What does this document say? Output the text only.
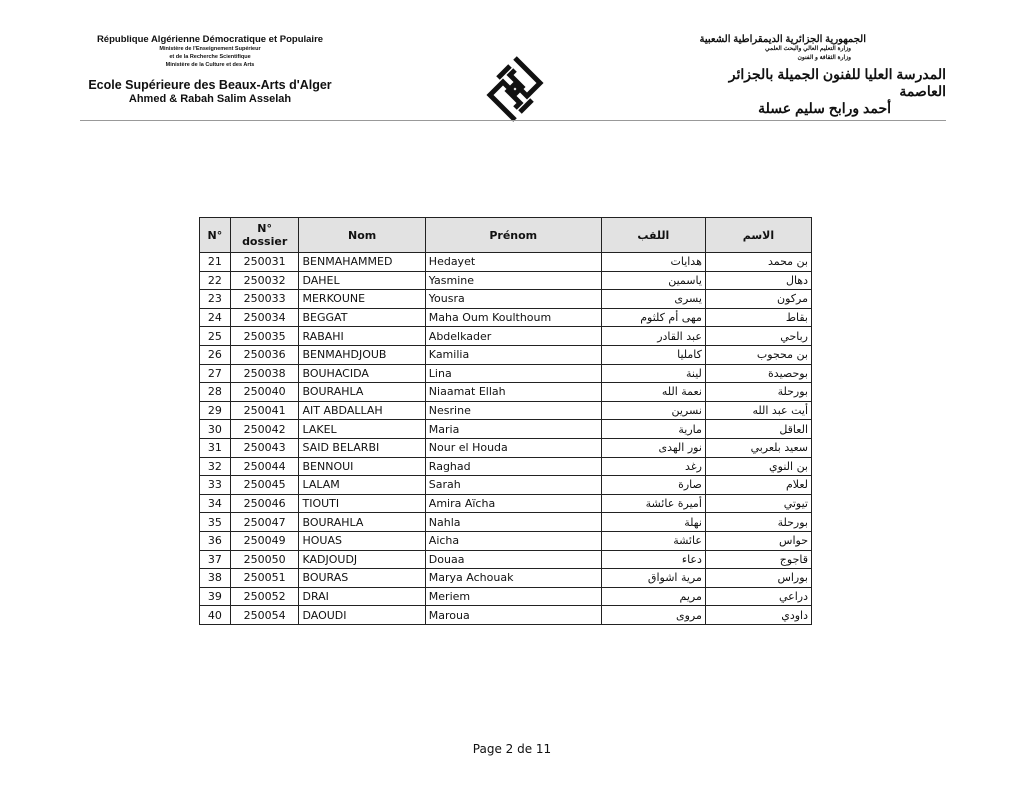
République Algérienne Démocratique et Populaire
Ministère de l'Enseignement Supérieur
et de la Recherche Scientifique
Ministère de la Culture et des Arts
Ecole Supérieure des Beaux-Arts d'Alger
Ahmed & Rabah Salim Asselah
الجمهورية الجزائرية الديمقراطية الشعبية
وزارة التعليم العالي والبحث العلمي
وزارة الثقافة و الفنون
المدرسة العليا للفنون الجميلة بالجزائر العاصمة
أحمد ورابح سليم عسلة
N°	N° dossier	Nom	Prénom	اللقب	الاسم
21	250031	BENMAHAMMED	Hedayet	هدايات	بن محمد
22	250032	DAHEL	Yasmine	ياسمين	دهال
23	250033	MERKOUNE	Yousra	يسرى	مركون
24	250034	BEGGAT	Maha Oum Koulthoum	مهى أم كلثوم	بقاط
25	250035	RABAHI	Abdelkader	عبد القادر	رباحي
26	250036	BENMAHDJOUB	Kamilia	كامليا	بن محجوب
27	250038	BOUHACIDA	Lina	لينة	بوحصيدة
28	250040	BOURAHLA	Niaamat Ellah	نعمة الله	بورحلة
29	250041	AIT ABDALLAH	Nesrine	نسرين	أيت عبد الله
30	250042	LAKEL	Maria	مارية	العاقل
31	250043	SAID BELARBI	Nour el Houda	نور الهدى	سعيد بلعربي
32	250044	BENNOUI	Raghad	رغد	بن النوي
33	250045	LALAM	Sarah	صارة	لعلام
34	250046	TIOUTI	Amira Aïcha	أميرة عائشة	تيوتي
35	250047	BOURAHLA	Nahla	نهلة	بورحلة
36	250049	HOUAS	Aicha	عائشة	حواس
37	250050	KADJOUDJ	Douaa	دعاء	قاجوج
38	250051	BOURAS	Marya Achouak	مرية اشواق	بوراس
39	250052	DRAI	Meriem	مريم	دراعي
40	250054	DAOUDI	Maroua	مروى	داودي
Page 2 de 11
